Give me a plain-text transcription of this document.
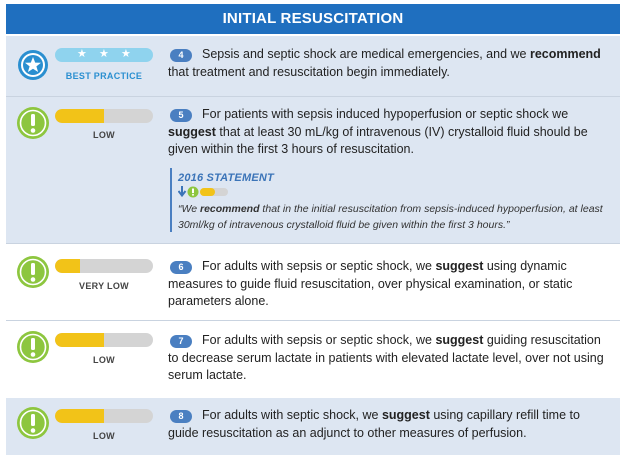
INITIAL RESUSCITATION
★ ★ ★
BEST PRACTICE
4	Sepsis and septic shock are medical emergencies, and we recommend that treatment and resuscitation begin immediately.
LOW
5	For patients with sepsis induced hypoperfusion or septic shock we suggest that at least 30 mL/kg of intravenous (IV) crystalloid fluid should be given within the first 3 hours of resuscitation.
2016 STATEMENT
“We recommend that in the initial resuscitation from sepsis-induced hypoperfusion, at least 30ml/kg of intravenous crystalloid fluid be given within the first 3 hours.”
VERY LOW
6	For adults with sepsis or septic shock, we suggest using dynamic measures to guide fluid resuscitation, over physical examination, or static parameters alone.
LOW
7	For adults with sepsis or septic shock, we suggest guiding resuscitation to decrease serum lactate in patients with elevated lactate level, over not using serum lactate.
LOW
8	For adults with septic shock, we suggest using capillary refill time to guide resuscitation as an adjunct to other measures of perfusion.
